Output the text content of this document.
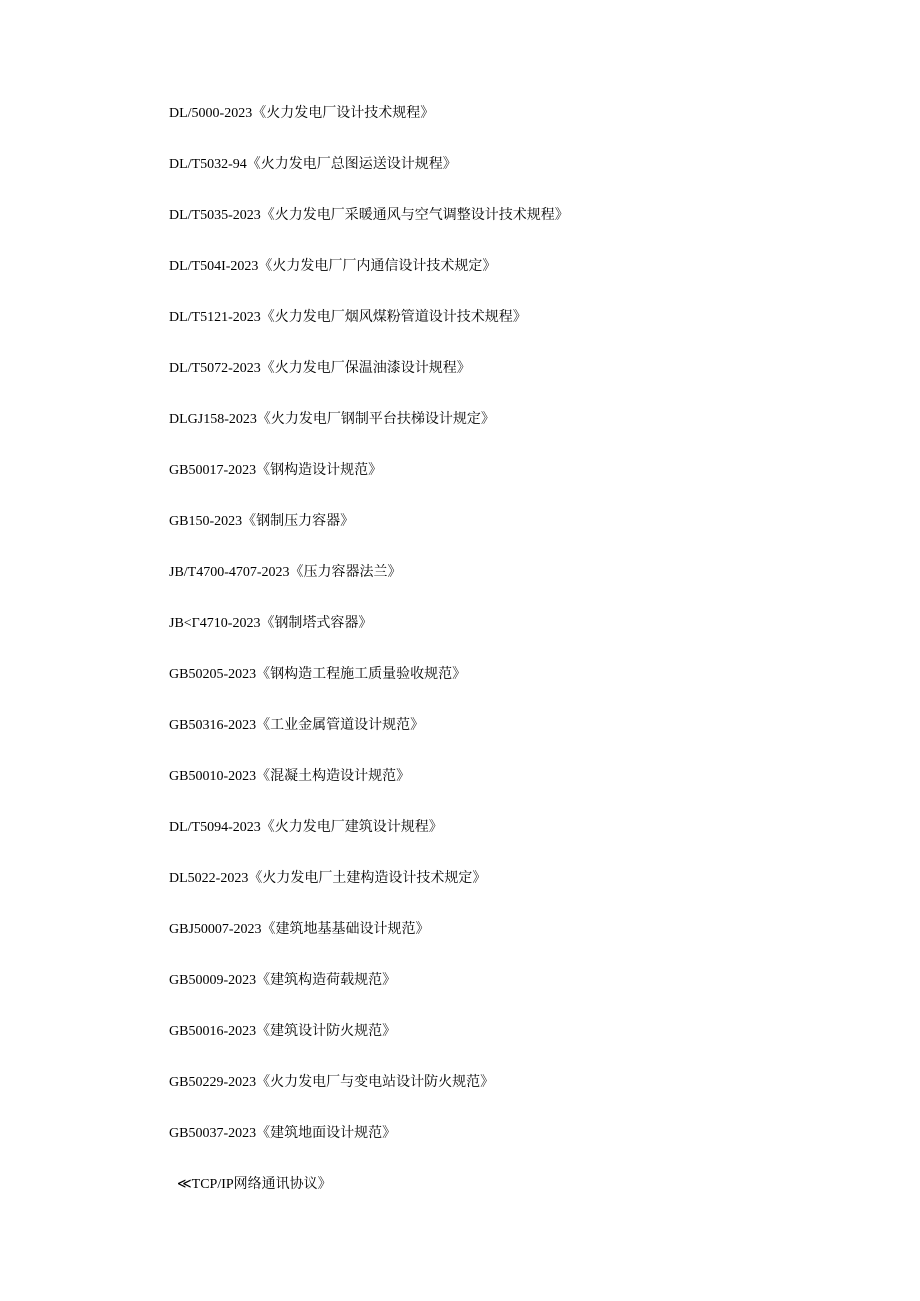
DL/5000-2023《火力发电厂设计技术规程》
DL/T5032-94《火力发电厂总图运送设计规程》
DL/T5035-2023《火力发电厂采暖通风与空气调整设计技术规程》
DL/T504I-2023《火力发电厂厂内通信设计技术规定》
DL/T5121-2023《火力发电厂烟风煤粉管道设计技术规程》
DL/T5072-2023《火力发电厂保温油漆设计规程》
DLGJ158-2023《火力发电厂钢制平台扶梯设计规定》
GB50017-2023《钢构造设计规范》
GB150-2023《钢制压力容器》
JB/T4700-4707-2023《压力容器法兰》
JB<Γ4710-2023《钢制塔式容器》
GB50205-2023《钢构造工程施工质量验收规范》
GB50316-2023《工业金属管道设计规范》
GB50010-2023《混凝土构造设计规范》
DL/T5094-2023《火力发电厂建筑设计规程》
DL5022-2023《火力发电厂土建构造设计技术规定》
GBJ50007-2023《建筑地基基础设计规范》
GB50009-2023《建筑构造荷载规范》
GB50016-2023《建筑设计防火规范》
GB50229-2023《火力发电厂与变电站设计防火规范》
GB50037-2023《建筑地面设计规范》
≪TCP/IP网络通讯协议》
